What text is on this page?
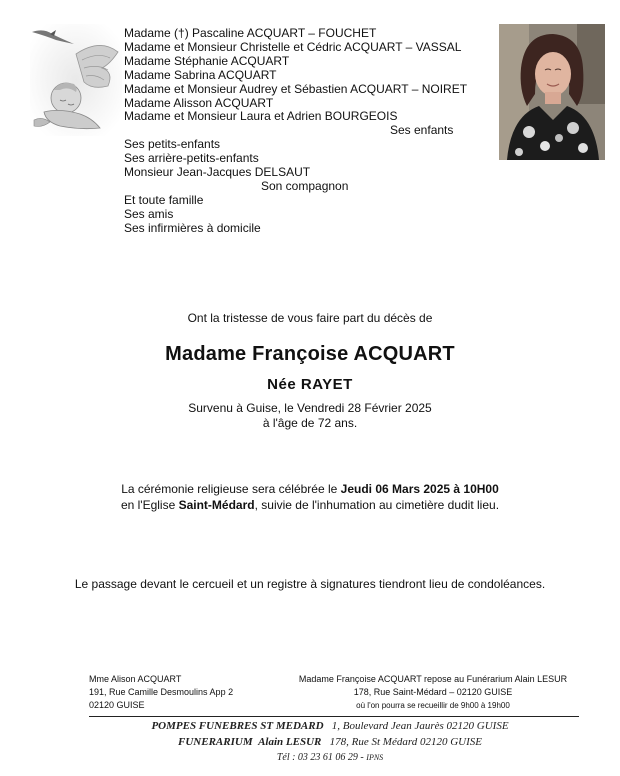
Madame (†) Pascaline ACQUART – FOUCHET
Madame et Monsieur Christelle et Cédric ACQUART – VASSAL
Madame Stéphanie ACQUART
Madame Sabrina ACQUART
Madame et Monsieur Audrey et Sébastien ACQUART – NOIRET
Madame Alisson ACQUART
Madame et Monsieur Laura et Adrien BOURGEOIS
Ses enfants
Ses petits-enfants
Ses arrière-petits-enfants
Monsieur Jean-Jacques DELSAUT
Son compagnon
Et toute famille
Ses amis
Ses infirmières à domicile
Ont la tristesse de vous faire part du décès de
Madame Françoise ACQUART
Née RAYET
Survenu à Guise, le Vendredi 28 Février 2025
à l'âge de 72 ans.
La cérémonie religieuse sera célébrée le Jeudi 06 Mars 2025 à 10H00
en l'Eglise Saint-Médard, suivie de l'inhumation au cimetière dudit lieu.
Le passage devant le cercueil et un registre à signatures tiendront lieu de condoléances.
Mme Alison ACQUART
191, Rue Camille Desmoulins App 2
02120 GUISE
Madame Françoise ACQUART repose au Funérarium Alain LESUR
178, Rue Saint-Médard – 02120 GUISE
où l'on pourra se recueillir de 9h00 à 19h00
POMPES FUNEBRES ST MEDARD 1, Boulevard Jean Jaurès 02120 GUISE
FUNERARIUM Alain LESUR 178, Rue St Médard 02120 GUISE
Tél : 03 23 61 06 29 - IPNS
